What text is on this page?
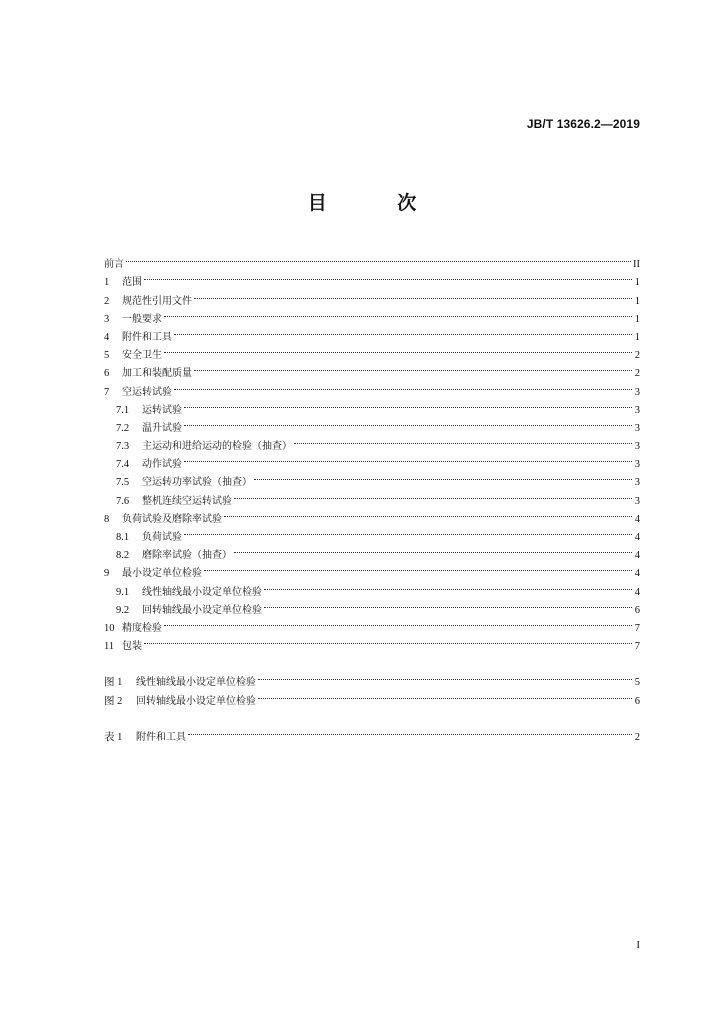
JB/T 13626.2—2019
目 次
前言	II
1	范围	1
2	规范性引用文件	1
3	一般要求	1
4	附件和工具	1
5	安全卫生	2
6	加工和装配质量	2
7	空运转试验	3
7.1	运转试验	3
7.2	温升试验	3
7.3	主运动和进给运动的检验（抽查）	3
7.4	动作试验	3
7.5	空运转功率试验（抽查）	3
7.6	整机连续空运转试验	3
8	负荷试验及磨除率试验	4
8.1	负荷试验	4
8.2	磨除率试验（抽查）	4
9	最小设定单位检验	4
9.1	线性轴线最小设定单位检验	4
9.2	回转轴线最小设定单位检验	6
10 精度检验	7
11 包装	7
图 1	线性轴线最小设定单位检验	5
图 2	回转轴线最小设定单位检验	6
表 1	附件和工具	2
I
